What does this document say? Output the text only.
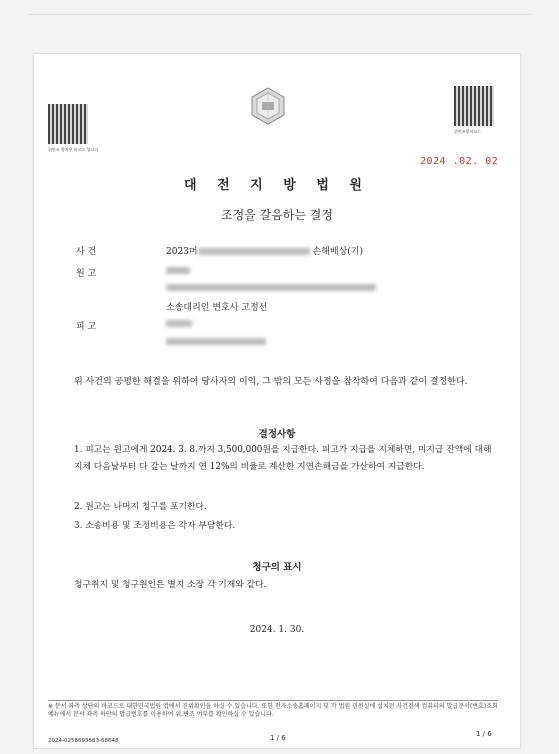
위변조 방지용 바코드 입니다
위변조방지코드
2024 .02. 02
대 전 지 방 법 원
조정을 갈음하는 결정
사 건	2023머	손해배상(기)
원 고
소송대리인 변호사 고정선
피 고
위 사건의 공평한 해결을 위하여 당사자의 이익, 그 밖의 모든 사정을 참작하여 다음과 같이 결정한다.
결정사항
1. 피고는 원고에게 2024. 3. 8.까지 3,500,000원을 지급한다. 피고가 지급을 지체하면, 미지급 잔액에 대해 지체 다음날부터 다 갚는 날까지 연 12%의 비율로 계산한 지연손해금을 가산하여 지급한다.
2. 원고는 나머지 청구를 포기한다.
3. 소송비용 및 조정비용은 각자 부담한다.
청구의 표시
청구취지 및 청구원인은 별지 소장 각 기재와 같다.
2024. 1. 30.
※ 문서 좌측 상단의 바코드로 대한민국법원 앱에서 진위확인을 하실 수 있습니다. 또한 전자소송홈페이지 및 각 법원 민원실에 설치된 사건검색 컴퓨터의 발급문서(번호)조회 메뉴에서 문서 좌측 하단의 발급번호를 이용하여 위,변조 여부를 확인하실 수 있습니다.
2024-0258693583-68648	1 / 6	1 / 6
